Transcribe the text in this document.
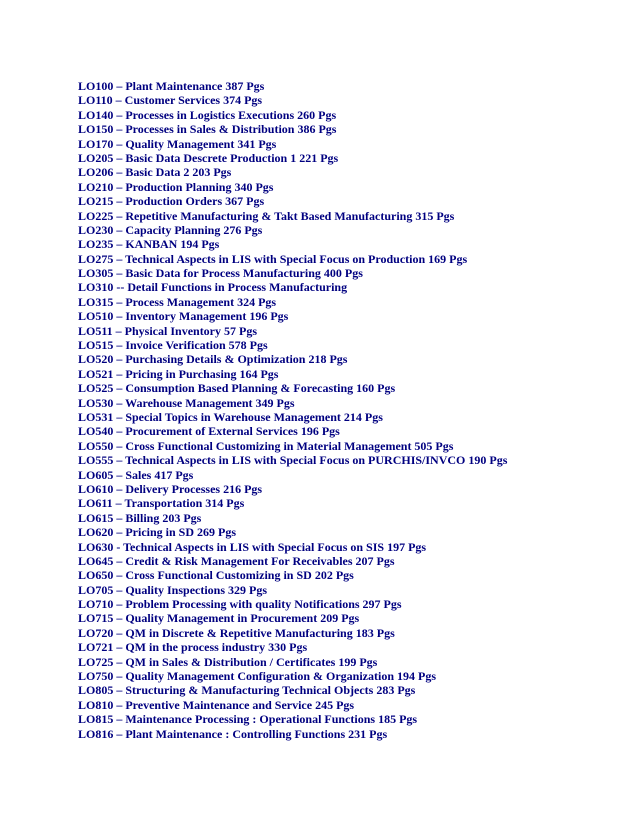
LO100 – Plant Maintenance 387 Pgs

LO110 – Customer Services 374 Pgs

LO140 – Processes in Logistics Executions 260 Pgs

LO150 – Processes in Sales & Distribution 386 Pgs

LO170 – Quality Management 341 Pgs

LO205 – Basic Data Descrete Production 1 221 Pgs

LO206 – Basic Data 2 203 Pgs

LO210 – Production Planning 340 Pgs

LO215 – Production Orders 367 Pgs

LO225 – Repetitive Manufacturing & Takt Based Manufacturing 315 Pgs

LO230 – Capacity Planning 276 Pgs

LO235 – KANBAN 194 Pgs

LO275 – Technical Aspects in LIS with Special Focus on Production 169 Pgs

LO305 – Basic Data for Process Manufacturing 400 Pgs

LO310 -- Detail Functions in Process Manufacturing

LO315 – Process Management 324 Pgs

LO510 – Inventory Management 196 Pgs

LO511 – Physical Inventory 57 Pgs

LO515 – Invoice Verification 578 Pgs

LO520 – Purchasing Details & Optimization 218 Pgs

LO521 – Pricing in Purchasing 164 Pgs

LO525 – Consumption Based Planning & Forecasting 160 Pgs

LO530 – Warehouse Management 349 Pgs

LO531 – Special Topics in Warehouse Management 214 Pgs

LO540 – Procurement of External Services 196 Pgs

LO550 – Cross Functional Customizing in Material Management 505 Pgs

LO555 – Technical Aspects in LIS with Special Focus on PURCHIS/INVCO 190 Pgs

LO605 – Sales 417 Pgs

LO610 – Delivery Processes 216 Pgs

LO611 – Transportation 314 Pgs

LO615 – Billing 203 Pgs

LO620 – Pricing in SD 269 Pgs

LO630 - Technical Aspects in LIS with Special Focus on SIS 197 Pgs

LO645 – Credit & Risk Management For Receivables 207 Pgs

LO650 – Cross Functional Customizing in SD 202 Pgs

LO705 – Quality Inspections 329 Pgs

LO710 – Problem Processing with quality Notifications 297 Pgs

LO715 – Quality Management in Procurement 209 Pgs

LO720 – QM in Discrete & Repetitive Manufacturing 183 Pgs

LO721 – QM in the process industry 330 Pgs

LO725 – QM in Sales & Distribution / Certificates 199 Pgs

LO750 – Quality Management Configuration & Organization 194 Pgs

LO805 – Structuring & Manufacturing Technical Objects 283 Pgs

LO810 – Preventive Maintenance and Service 245 Pgs

LO815 – Maintenance Processing : Operational Functions 185 Pgs

LO816 – Plant Maintenance : Controlling Functions 231 Pgs
